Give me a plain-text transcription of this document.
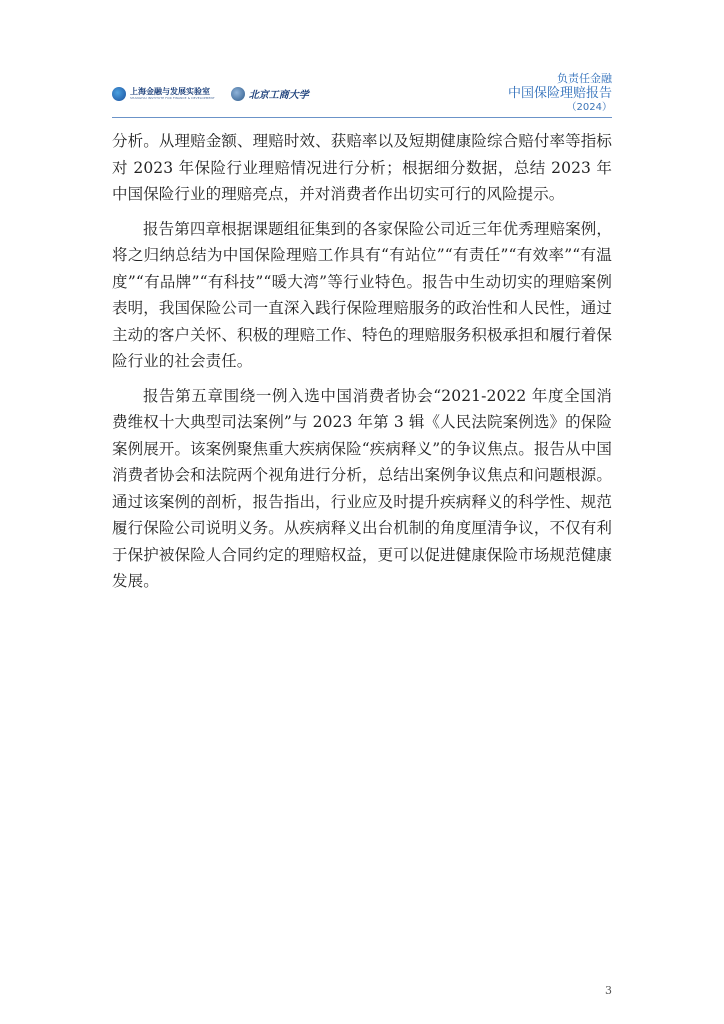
上海金融与发展实验室
SHANGHAI INSTITUTE FOR FINANCE & DEVELOPMENT	北京工商大学
负责任金融
中国保险理赔报告
（2024）

分析。从理赔金额、理赔时效、获赔率以及短期健康险综合赔付率等指标对 2023 年保险行业理赔情况进行分析；根据细分数据，总结 2023 年中国保险行业的理赔亮点，并对消费者作出切实可行的风险提示。

报告第四章根据课题组征集到的各家保险公司近三年优秀理赔案例，将之归纳总结为中国保险理赔工作具有“有站位”“有责任”“有效率”“有温度”“有品牌”“有科技”“暖大湾”等行业特色。报告中生动切实的理赔案例表明，我国保险公司一直深入践行保险理赔服务的政治性和人民性，通过主动的客户关怀、积极的理赔工作、特色的理赔服务积极承担和履行着保险行业的社会责任。

报告第五章围绕一例入选中国消费者协会“2021-2022 年度全国消费维权十大典型司法案例”与 2023 年第 3 辑《人民法院案例选》的保险案例展开。该案例聚焦重大疾病保险“疾病释义”的争议焦点。报告从中国消费者协会和法院两个视角进行分析，总结出案例争议焦点和问题根源。通过该案例的剖析，报告指出，行业应及时提升疾病释义的科学性、规范履行保险公司说明义务。从疾病释义出台机制的角度厘清争议，不仅有利于保护被保险人合同约定的理赔权益，更可以促进健康保险市场规范健康发展。

3
